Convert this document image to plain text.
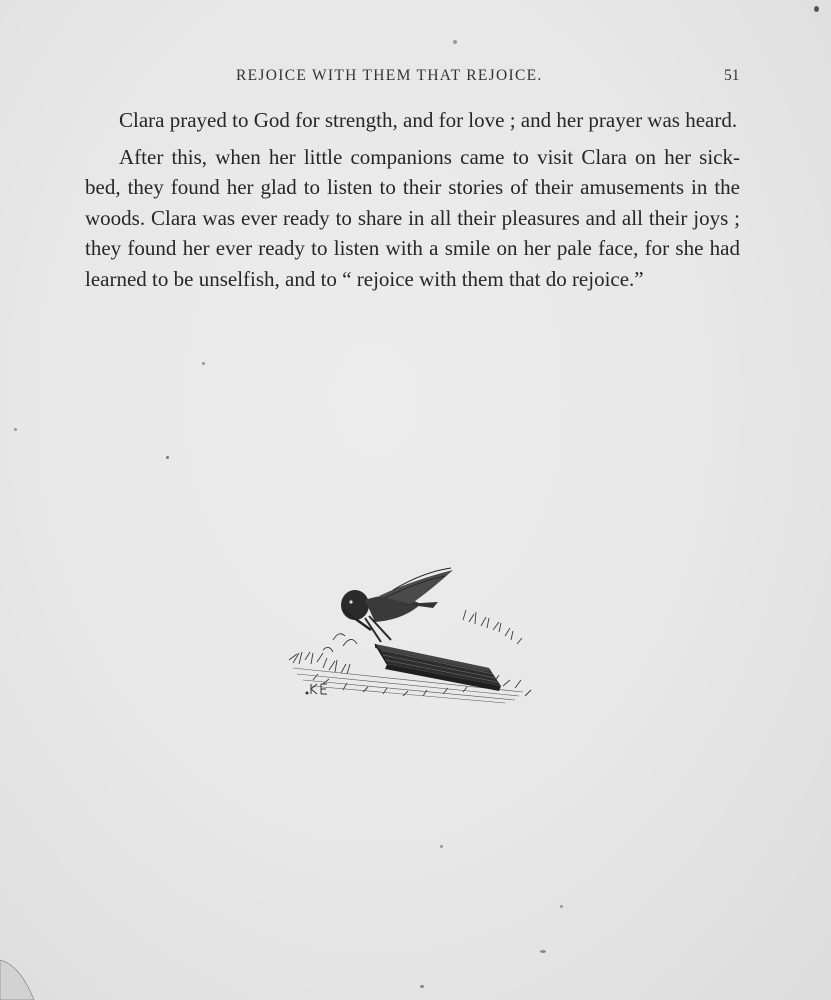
REJOICE WITH THEM THAT REJOICE.	51

Clara prayed to God for strength, and for love ; and her prayer was heard.

After this, when her little companions came to visit Clara on her sick-bed, they found her glad to listen to their stories of their amusements in the woods. Clara was ever ready to share in all their pleasures and all their joys ; they found her ever ready to listen with a smile on her pale face, for she had learned to be unselfish, and to “ rejoice with them that do rejoice.”
